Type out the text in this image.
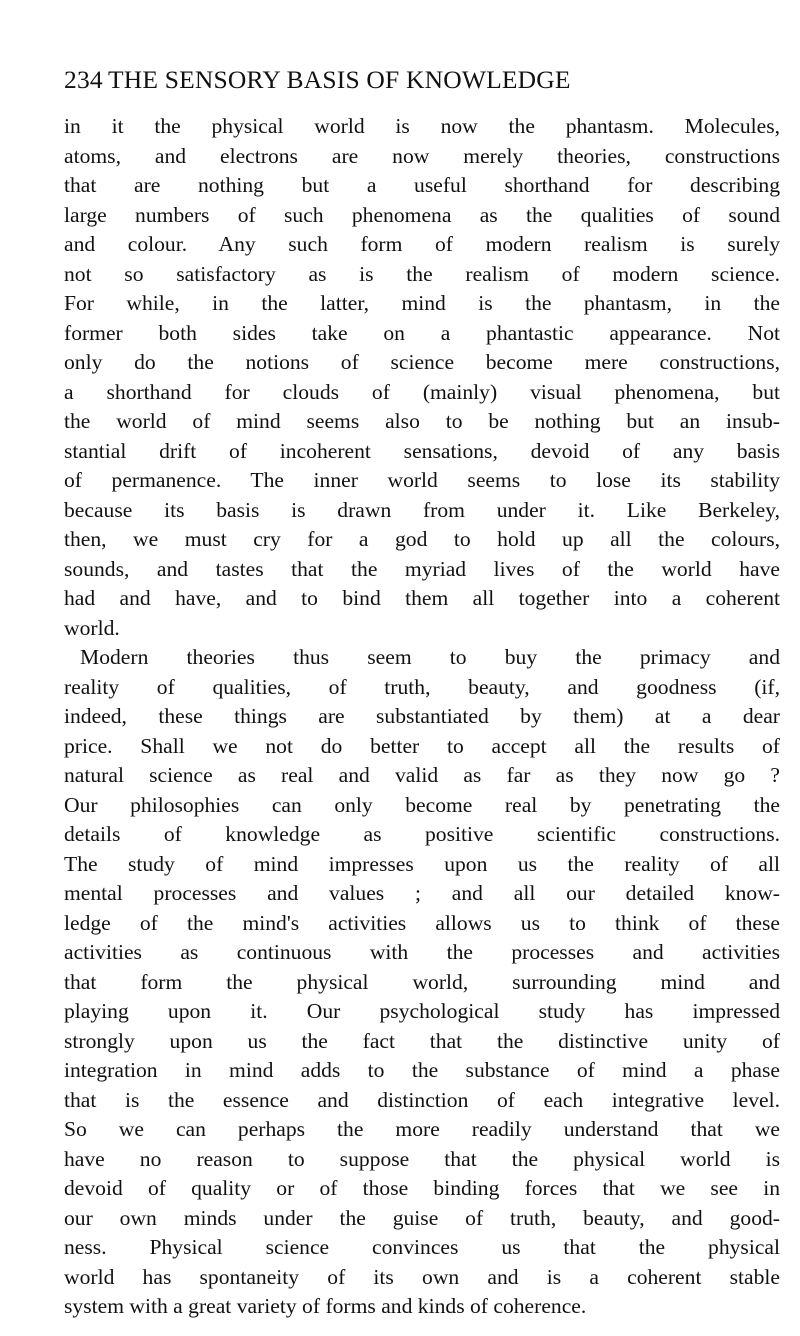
234 THE SENSORY BASIS OF KNOWLEDGE
in it the physical world is now the phantasm. Molecules,
atoms, and electrons are now merely theories, constructions
that are nothing but a useful shorthand for describing
large numbers of such phenomena as the qualities of sound
and colour. Any such form of modern realism is surely
not so satisfactory as is the realism of modern science.
For while, in the latter, mind is the phantasm, in the
former both sides take on a phantastic appearance. Not
only do the notions of science become mere constructions,
a shorthand for clouds of (mainly) visual phenomena, but
the world of mind seems also to be nothing but an insub-
stantial drift of incoherent sensations, devoid of any basis
of permanence. The inner world seems to lose its stability
because its basis is drawn from under it. Like Berkeley,
then, we must cry for a god to hold up all the colours,
sounds, and tastes that the myriad lives of the world have
had and have, and to bind them all together into a coherent
world.
Modern theories thus seem to buy the primacy and
reality of qualities, of truth, beauty, and goodness (if,
indeed, these things are substantiated by them) at a dear
price. Shall we not do better to accept all the results of
natural science as real and valid as far as they now go ?
Our philosophies can only become real by penetrating the
details of knowledge as positive scientific constructions.
The study of mind impresses upon us the reality of all
mental processes and values ; and all our detailed know-
ledge of the mind's activities allows us to think of these
activities as continuous with the processes and activities
that form the physical world, surrounding mind and
playing upon it. Our psychological study has impressed
strongly upon us the fact that the distinctive unity of
integration in mind adds to the substance of mind a phase
that is the essence and distinction of each integrative level.
So we can perhaps the more readily understand that we
have no reason to suppose that the physical world is
devoid of quality or of those binding forces that we see in
our own minds under the guise of truth, beauty, and good-
ness. Physical science convinces us that the physical
world has spontaneity of its own and is a coherent stable
system with a great variety of forms and kinds of coherence.
